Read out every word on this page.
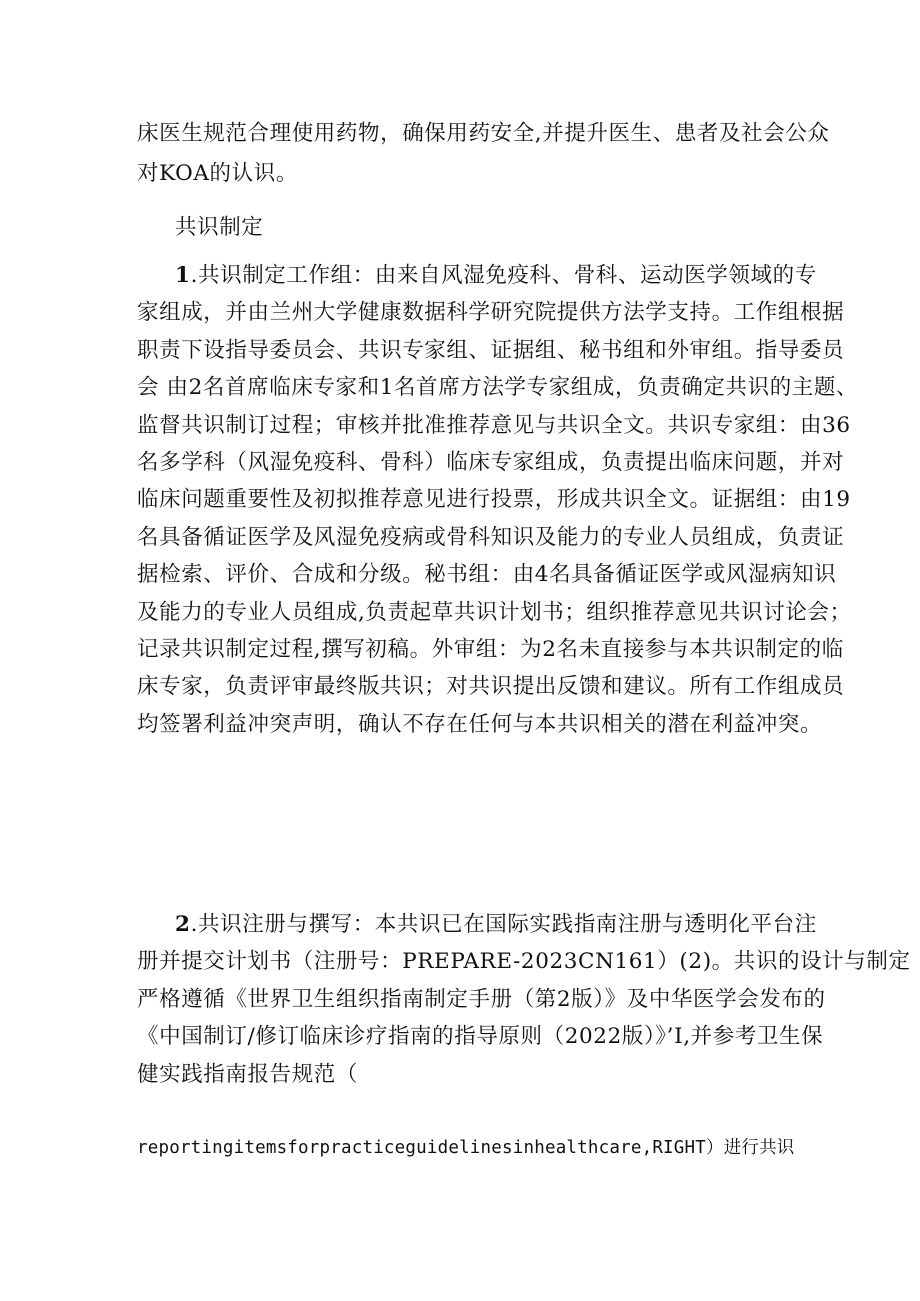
床医生规范合理使用药物，确保用药安全,并提升医生、患者及社会公众
对KOA的认识。
共识制定
1.共识制定工作组：由来自风湿免疫科、骨科、运动医学领域的专
家组成，并由兰州大学健康数据科学研究院提供方法学支持。工作组根据
职责下设指导委员会、共识专家组、证据组、秘书组和外审组。指导委员
会 由2名首席临床专家和1名首席方法学专家组成，负责确定共识的主题、
监督共识制订过程；审核并批准推荐意见与共识全文。共识专家组：由36
名多学科（风湿免疫科、骨科）临床专家组成，负责提出临床问题，并对
临床问题重要性及初拟推荐意见进行投票，形成共识全文。证据组：由19
名具备循证医学及风湿免疫病或骨科知识及能力的专业人员组成，负责证
据检索、评价、合成和分级。秘书组：由4名具备循证医学或风湿病知识
及能力的专业人员组成,负责起草共识计划书；组织推荐意见共识讨论会；
记录共识制定过程,撰写初稿。外审组：为2名未直接参与本共识制定的临
床专家，负责评审最终版共识；对共识提出反馈和建议。所有工作组成员
均签署利益冲突声明，确认不存在任何与本共识相关的潜在利益冲突。
2.共识注册与撰写：本共识已在国际实践指南注册与透明化平台注
册并提交计划书（注册号：PREPARE-2023CN161）(2)。共识的设计与制定
严格遵循《世界卫生组织指南制定手册（第2版）》及中华医学会发布的
《中国制订/修订临床诊疗指南的指导原则（2022版）》’I,并参考卫生保
健实践指南报告规范（
reportingitemsforpracticeguidelinesinhealthcare,RIGHT）进行共识
